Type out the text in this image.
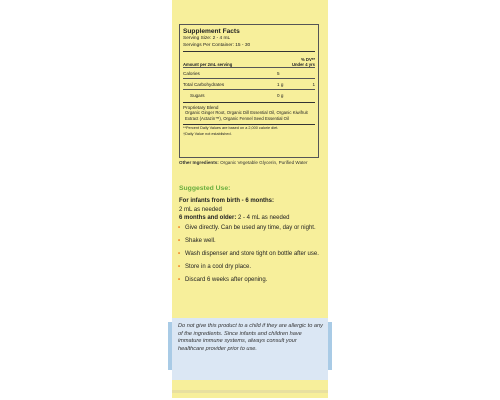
Supplement Facts
Serving Size: 2 - 4 mL
Servings Per Container: 15 - 30
Amount per 2mL serving
% DV**
Under 4 yrs
Calories	5
Total Carbohydrates	1 g	1
Sugars	0 g
Proprietary Blend
Organic Ginger Root, Organic Dill Essential Oil, Organic Kiwifruit Extract (Actazin™), Organic Fennel Seed Essential Oil
**Percent Daily Values are based on a 2,000 calorie diet.
†Daily Value not established.
Other Ingredients: Organic Vegetable Glycerin, Purified Water
Suggested Use:
For infants from birth - 6 months:
2 mL as needed
6 months and older: 2 - 4 mL as needed
• Give directly. Can be used any time, day or night.
• Shake well.
• Wash dispenser and store tight on bottle after use.
• Store in a cool dry place.
• Discard 6 weeks after opening.
Do not give this product to a child if they are allergic to any of the ingredients. Since infants and children have immature immune systems, always consult your healthcare provider prior to use.
